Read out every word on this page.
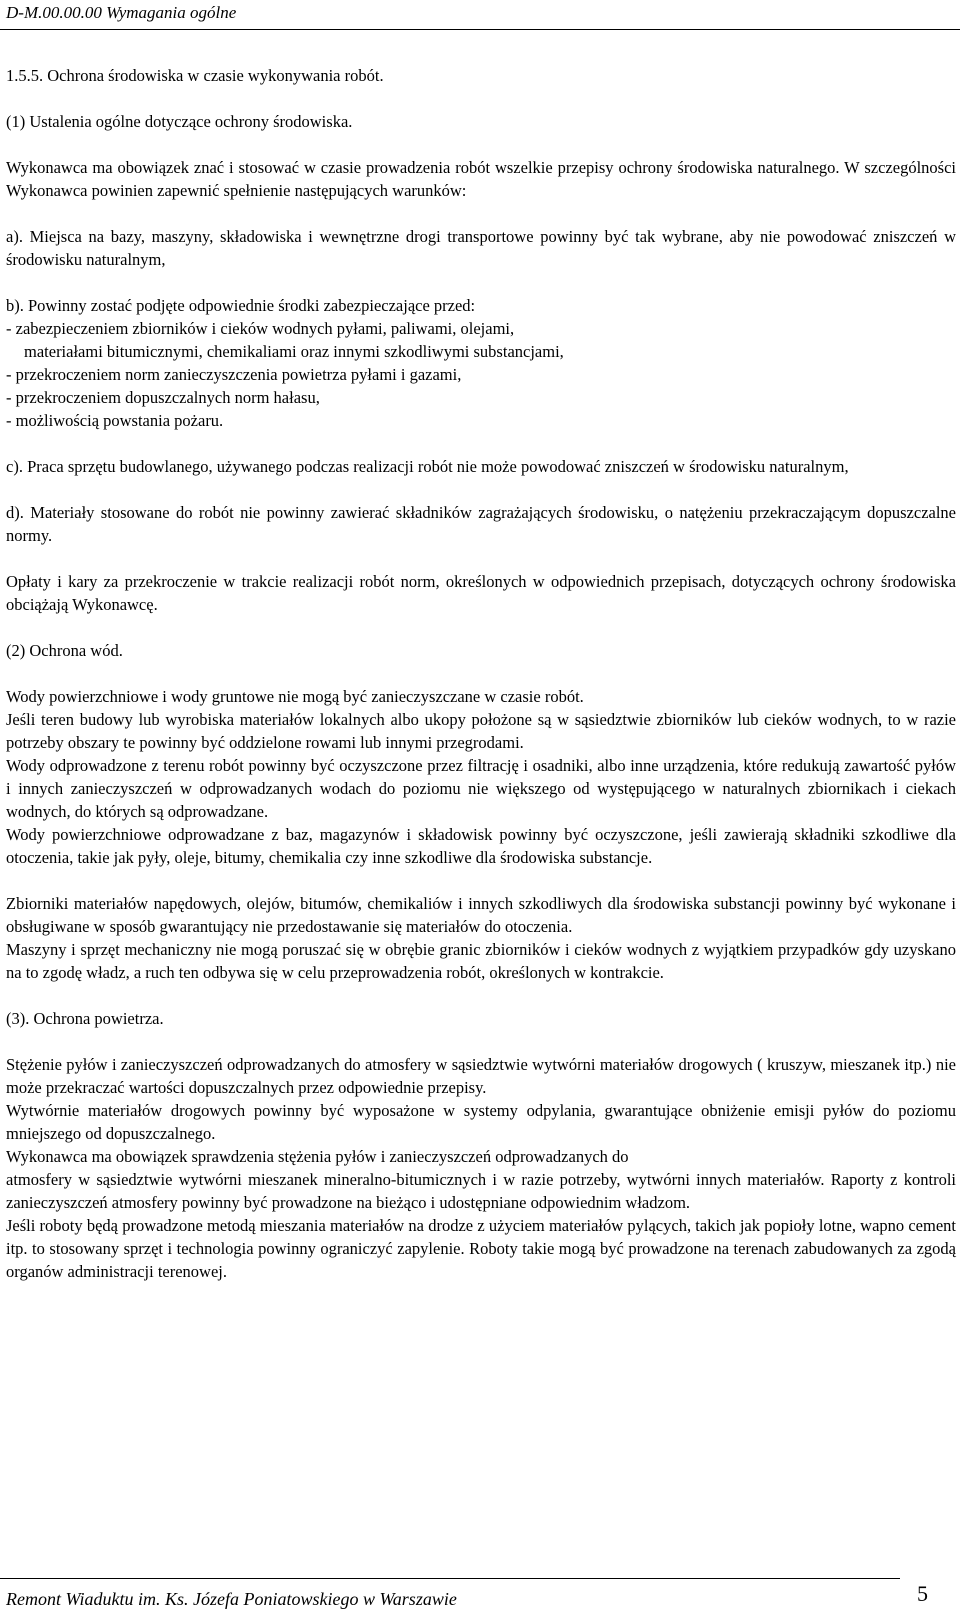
D-M.00.00.00 Wymagania ogólne

1.5.5. Ochrona środowiska w czasie wykonywania robót.

(1) Ustalenia ogólne dotyczące ochrony środowiska.

Wykonawca ma obowiązek znać i stosować w czasie prowadzenia robót wszelkie przepisy ochrony środowiska naturalnego. W szczególności Wykonawca powinien zapewnić spełnienie następujących warunków:

a). Miejsca na bazy, maszyny, składowiska i wewnętrzne drogi transportowe powinny być tak wybrane, aby nie powodować zniszczeń w środowisku naturalnym,

b). Powinny zostać podjęte odpowiednie środki zabezpieczające przed:

- zabezpieczeniem zbiorników i cieków wodnych pyłami, paliwami, olejami,

materiałami bitumicznymi, chemikaliami oraz innymi szkodliwymi substancjami,

- przekroczeniem norm zanieczyszczenia powietrza pyłami i gazami,

- przekroczeniem dopuszczalnych norm hałasu,

- możliwością powstania pożaru.

c). Praca sprzętu budowlanego, używanego podczas realizacji robót nie może powodować zniszczeń w środowisku naturalnym,

d). Materiały stosowane do robót nie powinny zawierać składników zagrażających środowisku, o natężeniu przekraczającym dopuszczalne normy.

Opłaty i kary za przekroczenie w trakcie realizacji robót norm, określonych w odpowiednich przepisach, dotyczących ochrony środowiska obciążają Wykonawcę.

(2) Ochrona wód.

Wody powierzchniowe i wody gruntowe nie mogą być zanieczyszczane w czasie robót.

Jeśli teren budowy lub wyrobiska materiałów lokalnych albo ukopy położone są w sąsiedztwie zbiorników lub cieków wodnych, to w razie potrzeby obszary te powinny być oddzielone rowami lub innymi przegrodami.

Wody odprowadzone z terenu robót powinny być oczyszczone przez filtrację i osadniki, albo inne urządzenia, które redukują zawartość pyłów i innych zanieczyszczeń w odprowadzanych wodach do poziomu nie większego od występującego w naturalnych zbiornikach i ciekach wodnych, do których są odprowadzane.

Wody powierzchniowe odprowadzane z baz, magazynów i składowisk powinny być oczyszczone, jeśli zawierają składniki szkodliwe dla otoczenia, takie jak pyły, oleje, bitumy, chemikalia czy inne szkodliwe dla środowiska substancje.

Zbiorniki materiałów napędowych, olejów, bitumów, chemikaliów i innych szkodliwych dla środowiska substancji powinny być wykonane i obsługiwane w sposób gwarantujący nie przedostawanie się materiałów do otoczenia.

Maszyny i sprzęt mechaniczny nie mogą poruszać się w obrębie granic zbiorników i cieków wodnych z wyjątkiem przypadków gdy uzyskano na to zgodę władz, a ruch ten odbywa się w celu przeprowadzenia robót, określonych w kontrakcie.

(3). Ochrona powietrza.

Stężenie pyłów i zanieczyszczeń odprowadzanych do atmosfery w sąsiedztwie wytwórni materiałów drogowych ( kruszyw, mieszanek itp.) nie może przekraczać wartości dopuszczalnych przez odpowiednie przepisy.

Wytwórnie materiałów drogowych powinny być wyposażone w systemy odpylania, gwarantujące obniżenie emisji pyłów do poziomu mniejszego od dopuszczalnego.

Wykonawca ma obowiązek sprawdzenia stężenia pyłów i zanieczyszczeń odprowadzanych do

atmosfery w sąsiedztwie wytwórni mieszanek mineralno-bitumicznych i w razie potrzeby, wytwórni innych materiałów. Raporty z kontroli zanieczyszczeń atmosfery powinny być prowadzone na bieżąco i udostępniane odpowiednim władzom.

Jeśli roboty będą prowadzone metodą mieszania materiałów na drodze z użyciem materiałów pylących, takich jak popioły lotne, wapno cement itp. to stosowany sprzęt i technologia powinny ograniczyć zapylenie. Roboty takie mogą być prowadzone na terenach zabudowanych za zgodą organów administracji terenowej.

Remont Wiaduktu im. Ks. Józefa Poniatowskiego w Warszawie	5
